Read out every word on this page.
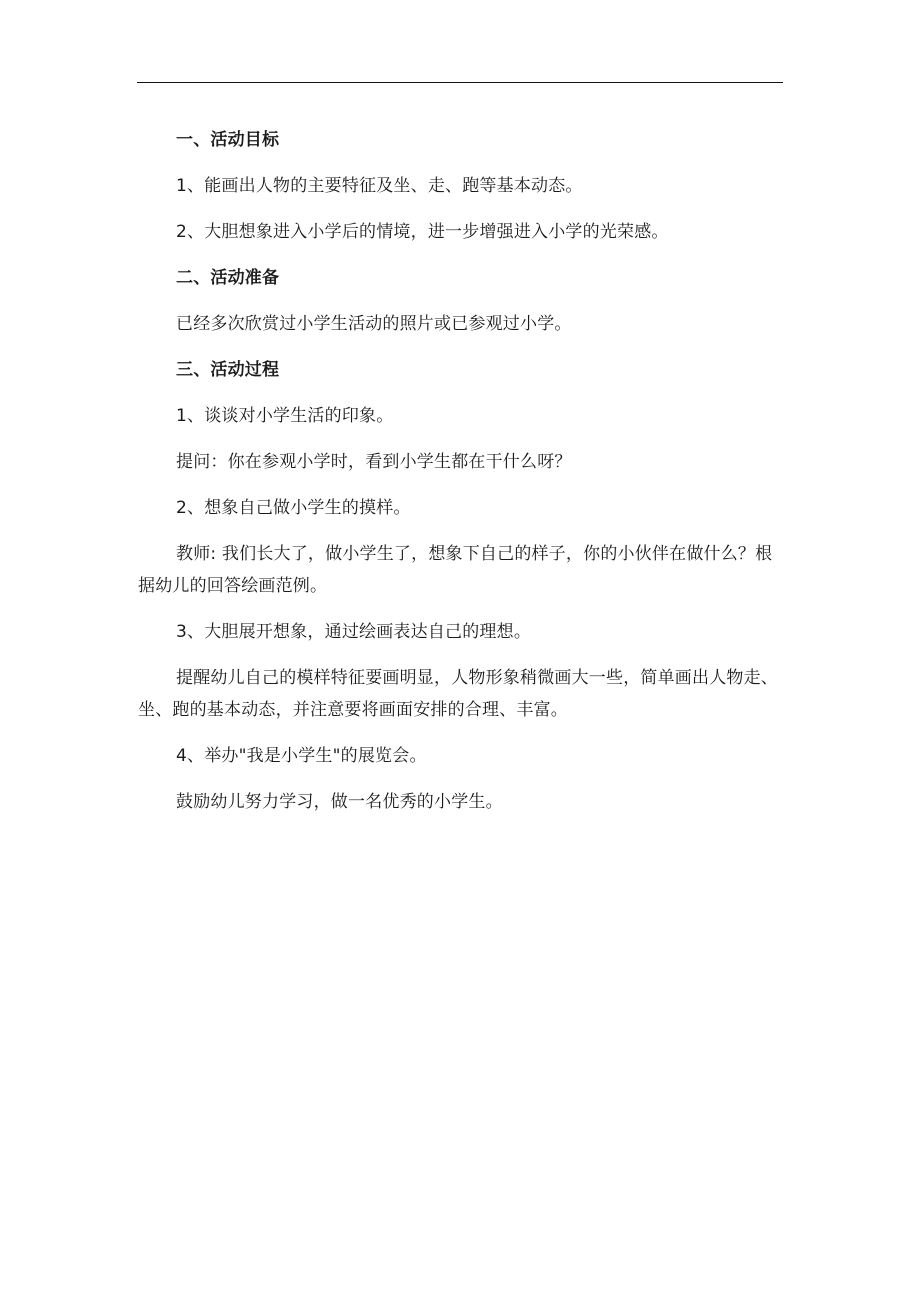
一、活动目标

1、能画出人物的主要特征及坐、走、跑等基本动态。

2、大胆想象进入小学后的情境，进一步增强进入小学的光荣感。

二、活动准备

已经多次欣赏过小学生活动的照片或已参观过小学。

三、活动过程

1、谈谈对小学生活的印象。

提问：你在参观小学时，看到小学生都在干什么呀？

2、想象自己做小学生的摸样。

教师: 我们长大了，做小学生了，想象下自己的样子，你的小伙伴在做什么？根据幼儿的回答绘画范例。

3、大胆展开想象，通过绘画表达自己的理想。

提醒幼儿自己的模样特征要画明显，人物形象稍微画大一些，简单画出人物走、坐、跑的基本动态，并注意要将画面安排的合理、丰富。

4、举办"我是小学生"的展览会。

鼓励幼儿努力学习，做一名优秀的小学生。
